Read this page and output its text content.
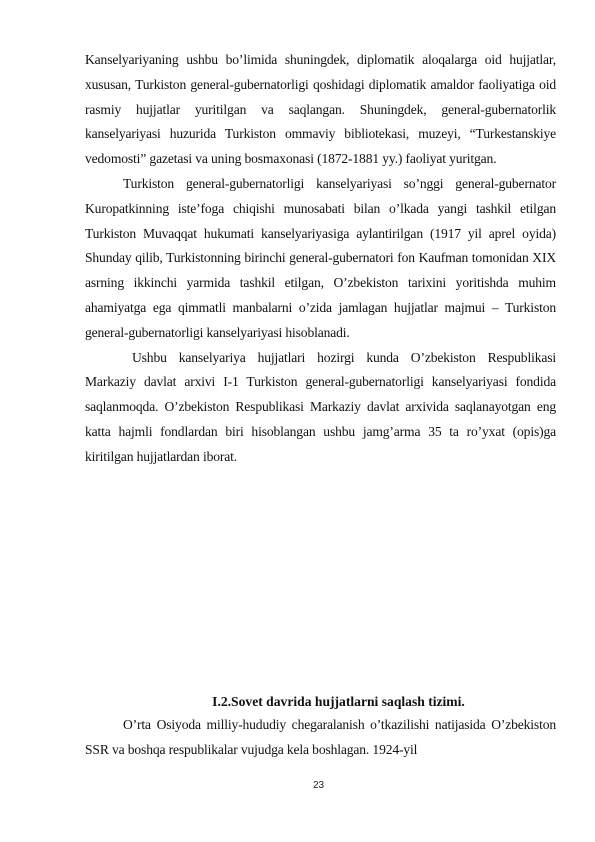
Kanselyariyaning ushbu bo’limida shuningdek, diplomatik aloqalarga oid hujjatlar, xususan, Turkiston general-gubernatorligi qoshidagi diplomatik amaldor faoliyatiga oid rasmiy hujjatlar yuritilgan va saqlangan. Shuningdek, general-gubernatorlik kanselyariyasi huzurida Turkiston ommaviy bibliotekasi, muzeyi, “Turkestanskiye vedomosti” gazetasi va uning bosmaxonasi (1872-1881 yy.) faoliyat yuritgan.

Turkiston general-gubernatorligi kanselyariyasi so’nggi general-gubernator Kuropatkinning iste’foga chiqishi munosabati bilan o’lkada yangi tashkil etilgan Turkiston Muvaqqat hukumati kanselyariyasiga aylantirilgan (1917 yil aprel oyida) Shunday qilib, Turkistonning birinchi general-gubernatori fon Kaufman tomonidan XIX asrning ikkinchi yarmida tashkil etilgan, O’zbekiston tarixini yoritishda muhim ahamiyatga ega qimmatli manbalarni o’zida jamlagan hujjatlar majmui – Turkiston general-gubernatorligi kanselyariyasi hisoblanadi.

Ushbu kanselyariya hujjatlari hozirgi kunda O’zbekiston Respublikasi Markaziy davlat arxivi I-1 Turkiston general-gubernatorligi kanselyariyasi fondida saqlanmoqda. O’zbekiston Respublikasi Markaziy davlat arxivida saqlanayotgan eng katta hajmli fondlardan biri hisoblangan ushbu jamg’arma 35 ta ro’yxat (opis)ga kiritilgan hujjatlardan iborat.

I.2.Sovet davrida hujjatlarni saqlash tizimi.

O’rta Osiyoda milliy-hududiy chegaralanish o’tkazilishi natijasida O’zbekiston SSR va boshqa respublikalar vujudga kela boshlagan. 1924-yil

23
